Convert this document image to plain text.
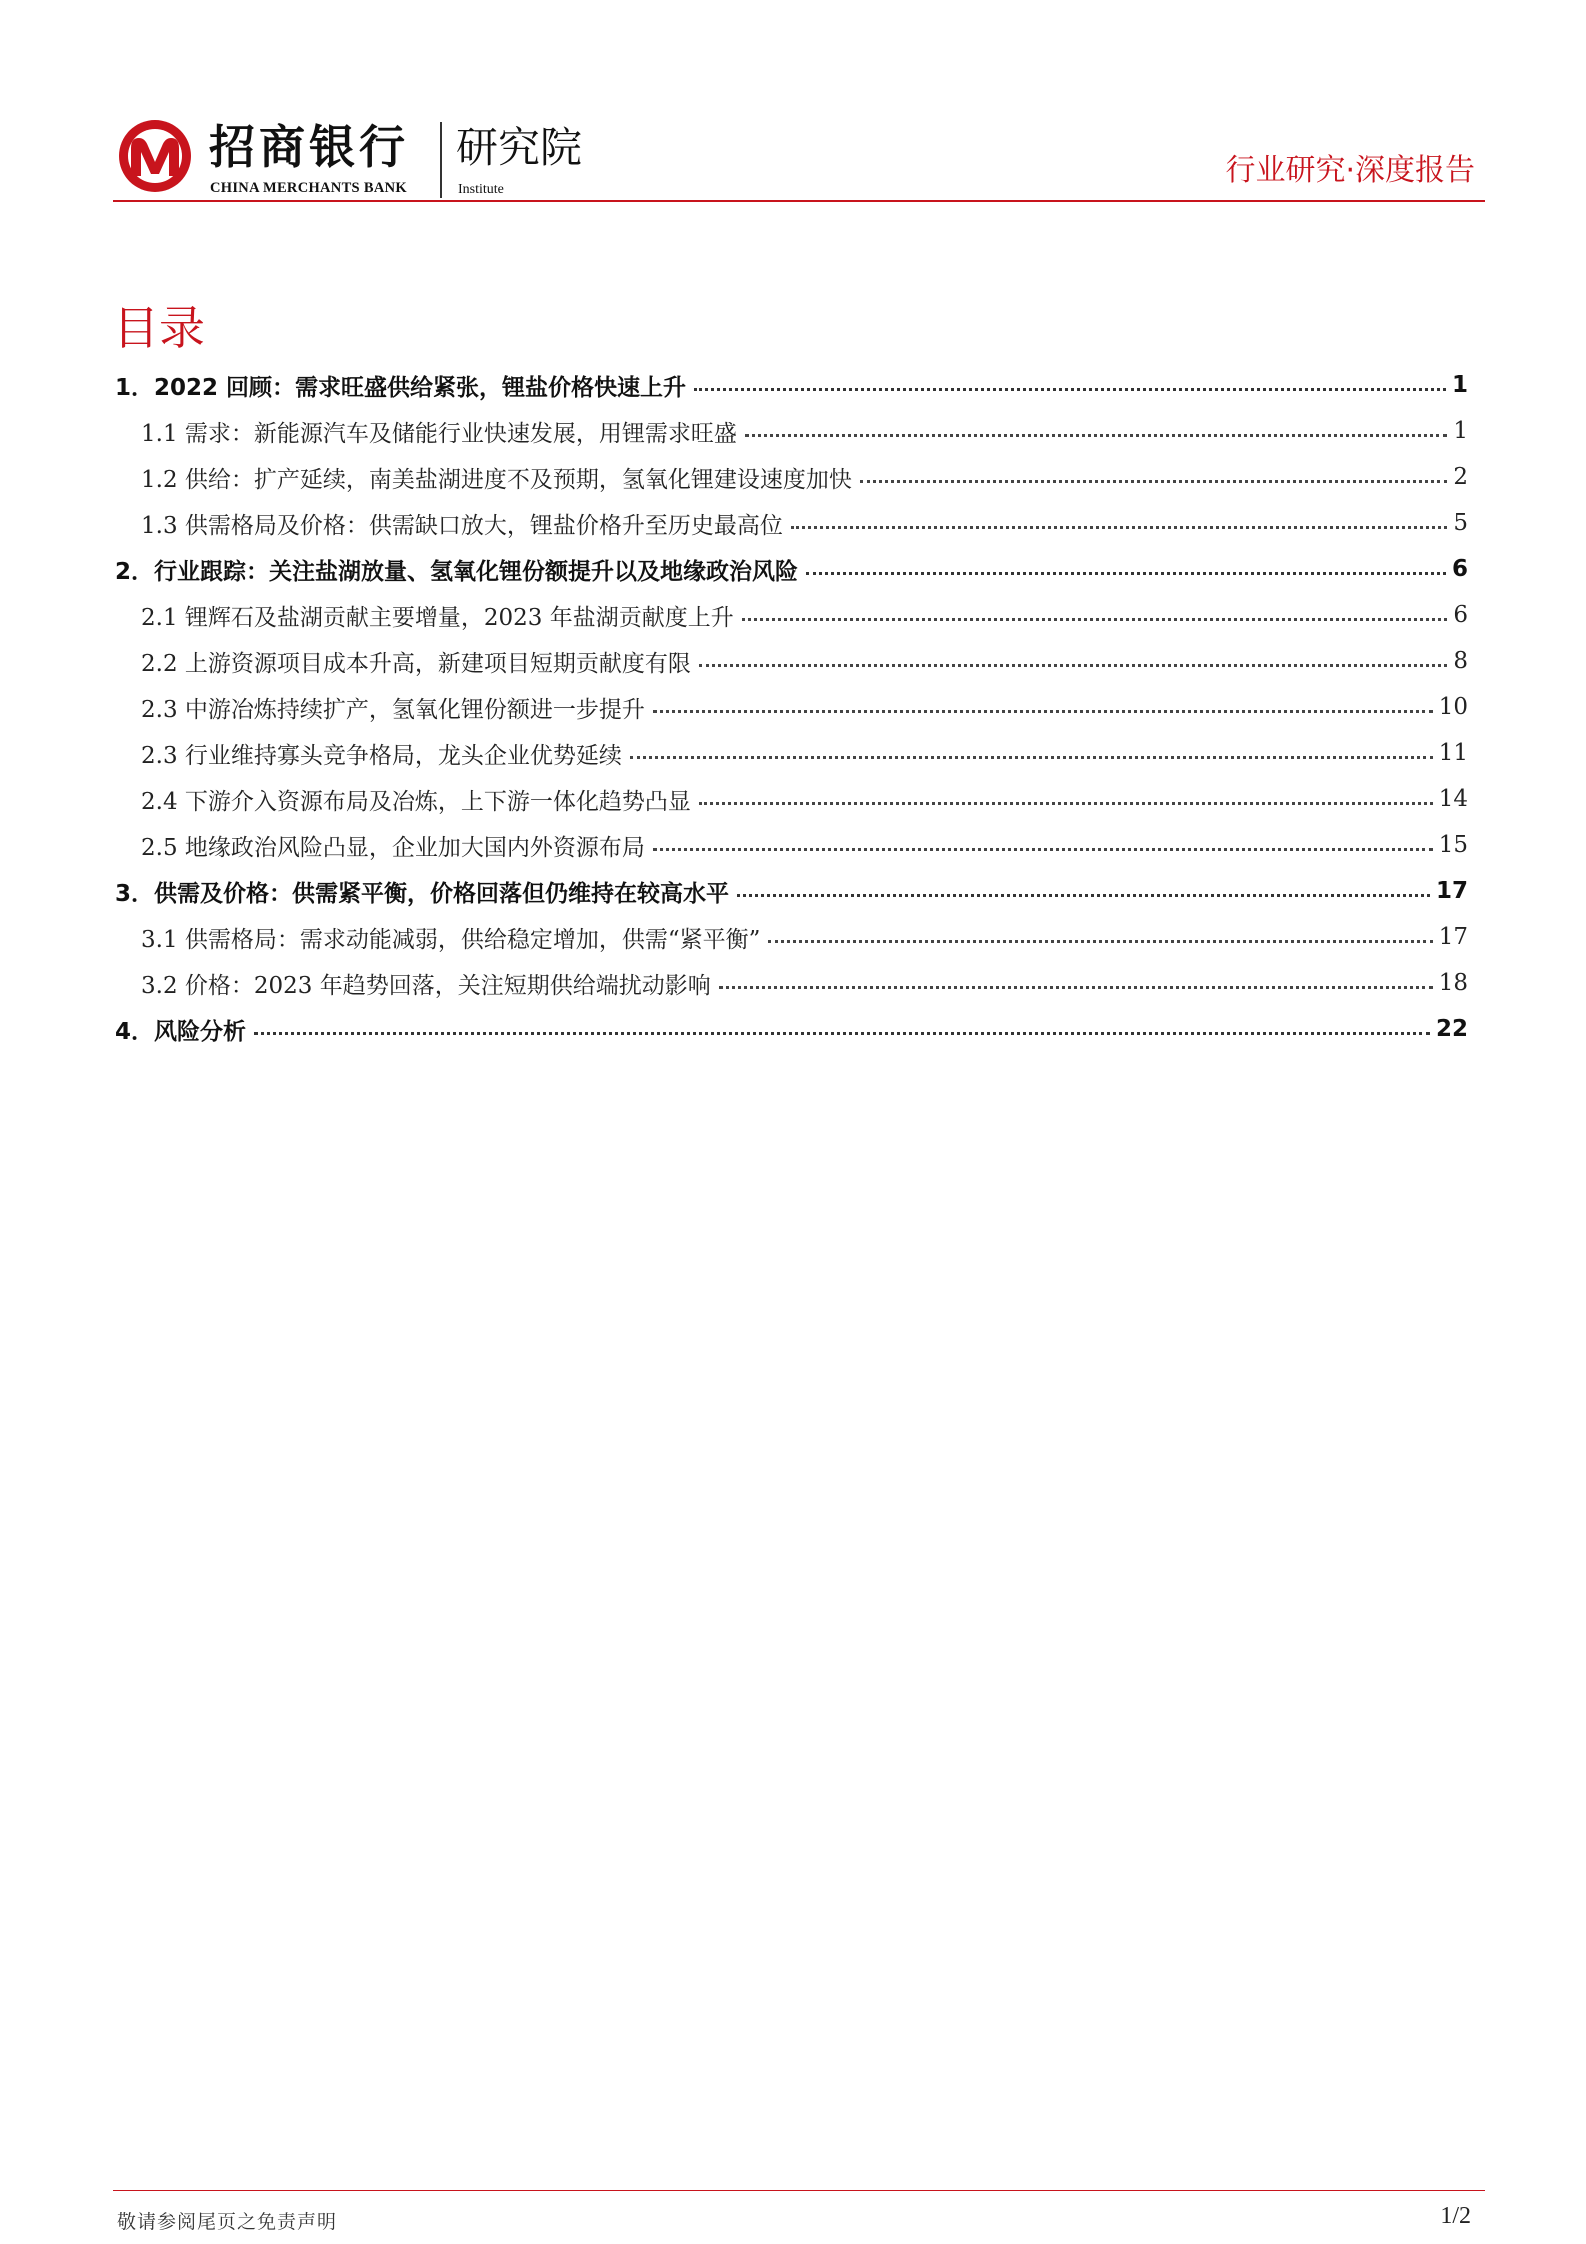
招商银行
CHINA MERCHANTS BANK
研究院
Institute
行业研究·深度报告
目录
1．2022 回顾：需求旺盛供给紧张，锂盐价格快速上升	1
1.1 需求：新能源汽车及储能行业快速发展，用锂需求旺盛	1
1.2 供给：扩产延续，南美盐湖进度不及预期，氢氧化锂建设速度加快	2
1.3 供需格局及价格：供需缺口放大，锂盐价格升至历史最高位	5
2．行业跟踪：关注盐湖放量、氢氧化锂份额提升以及地缘政治风险	6
2.1 锂辉石及盐湖贡献主要增量，2023 年盐湖贡献度上升	6
2.2 上游资源项目成本升高，新建项目短期贡献度有限	8
2.3 中游冶炼持续扩产，氢氧化锂份额进一步提升	10
2.3 行业维持寡头竞争格局，龙头企业优势延续	11
2.4 下游介入资源布局及冶炼，上下游一体化趋势凸显	14
2.5 地缘政治风险凸显，企业加大国内外资源布局	15
3．供需及价格：供需紧平衡，价格回落但仍维持在较高水平	17
3.1 供需格局：需求动能减弱，供给稳定增加，供需“紧平衡”	17
3.2 价格：2023 年趋势回落，关注短期供给端扰动影响	18
4．风险分析	22
敬请参阅尾页之免责声明	1/2
